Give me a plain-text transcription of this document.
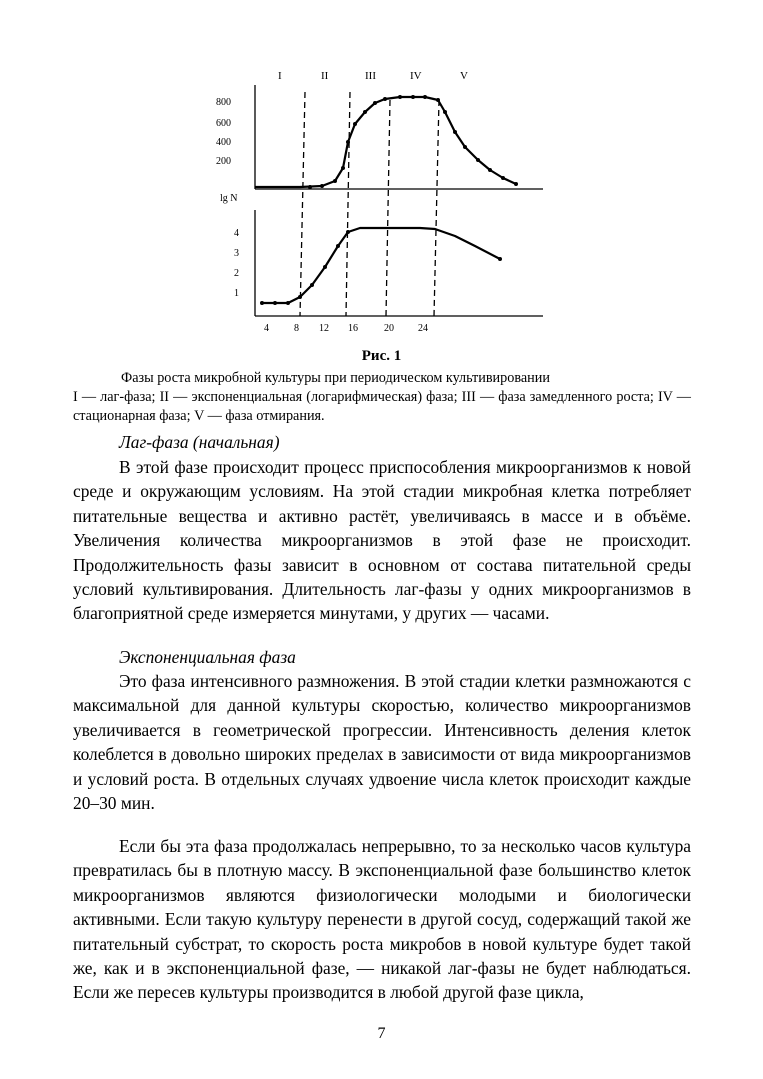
I	II	III	IV	V
800
600
400
200
lg N
4
3
2
1
4	8 12 16	20 24

Рис. 1

Фазы роста микробной культуры при периодическом культивировании
I — лаг-фаза; II — экспоненциальная (логарифмическая) фаза; III — фаза замедленного роста; IV — стационарная фаза; V — фаза отмирания.

Лаг-фаза (начальная)

В этой фазе происходит процесс приспособления микроорганизмов к новой среде и окружающим условиям. На этой стадии микробная клетка потребляет питательные вещества и активно растёт, увеличиваясь в массе и в объёме. Увеличения количества микроорганизмов в этой фазе не происходит. Продолжительность фазы зависит в основном от состава питательной среды условий культивирования. Длительность лаг-фазы у одних микроорганизмов в благоприятной среде измеряется минутами, у других — часами.

Экспоненциальная фаза

Это фаза интенсивного размножения. В этой стадии клетки размножаются с максимальной для данной культуры скоростью, количество микроорганизмов увеличивается в геометрической прогрессии. Интенсивность деления клеток колеблется в довольно широких пределах в зависимости от вида микроорганизмов и условий роста. В отдельных случаях удвоение числа клеток происходит каждые 20–30 мин.

Если бы эта фаза продолжалась непрерывно, то за несколько часов культура превратилась бы в плотную массу. В экспоненциальной фазе большинство клеток микроорганизмов являются физиологически молодыми и биологически активными. Если такую культуру перенести в другой сосуд, содержащий такой же питательный субстрат, то скорость роста микробов в новой культуре будет такой же, как и в экспоненциальной фазе, — никакой лаг-фазы не будет наблюдаться. Если же пересев культуры производится в любой другой фазе цикла,

7
